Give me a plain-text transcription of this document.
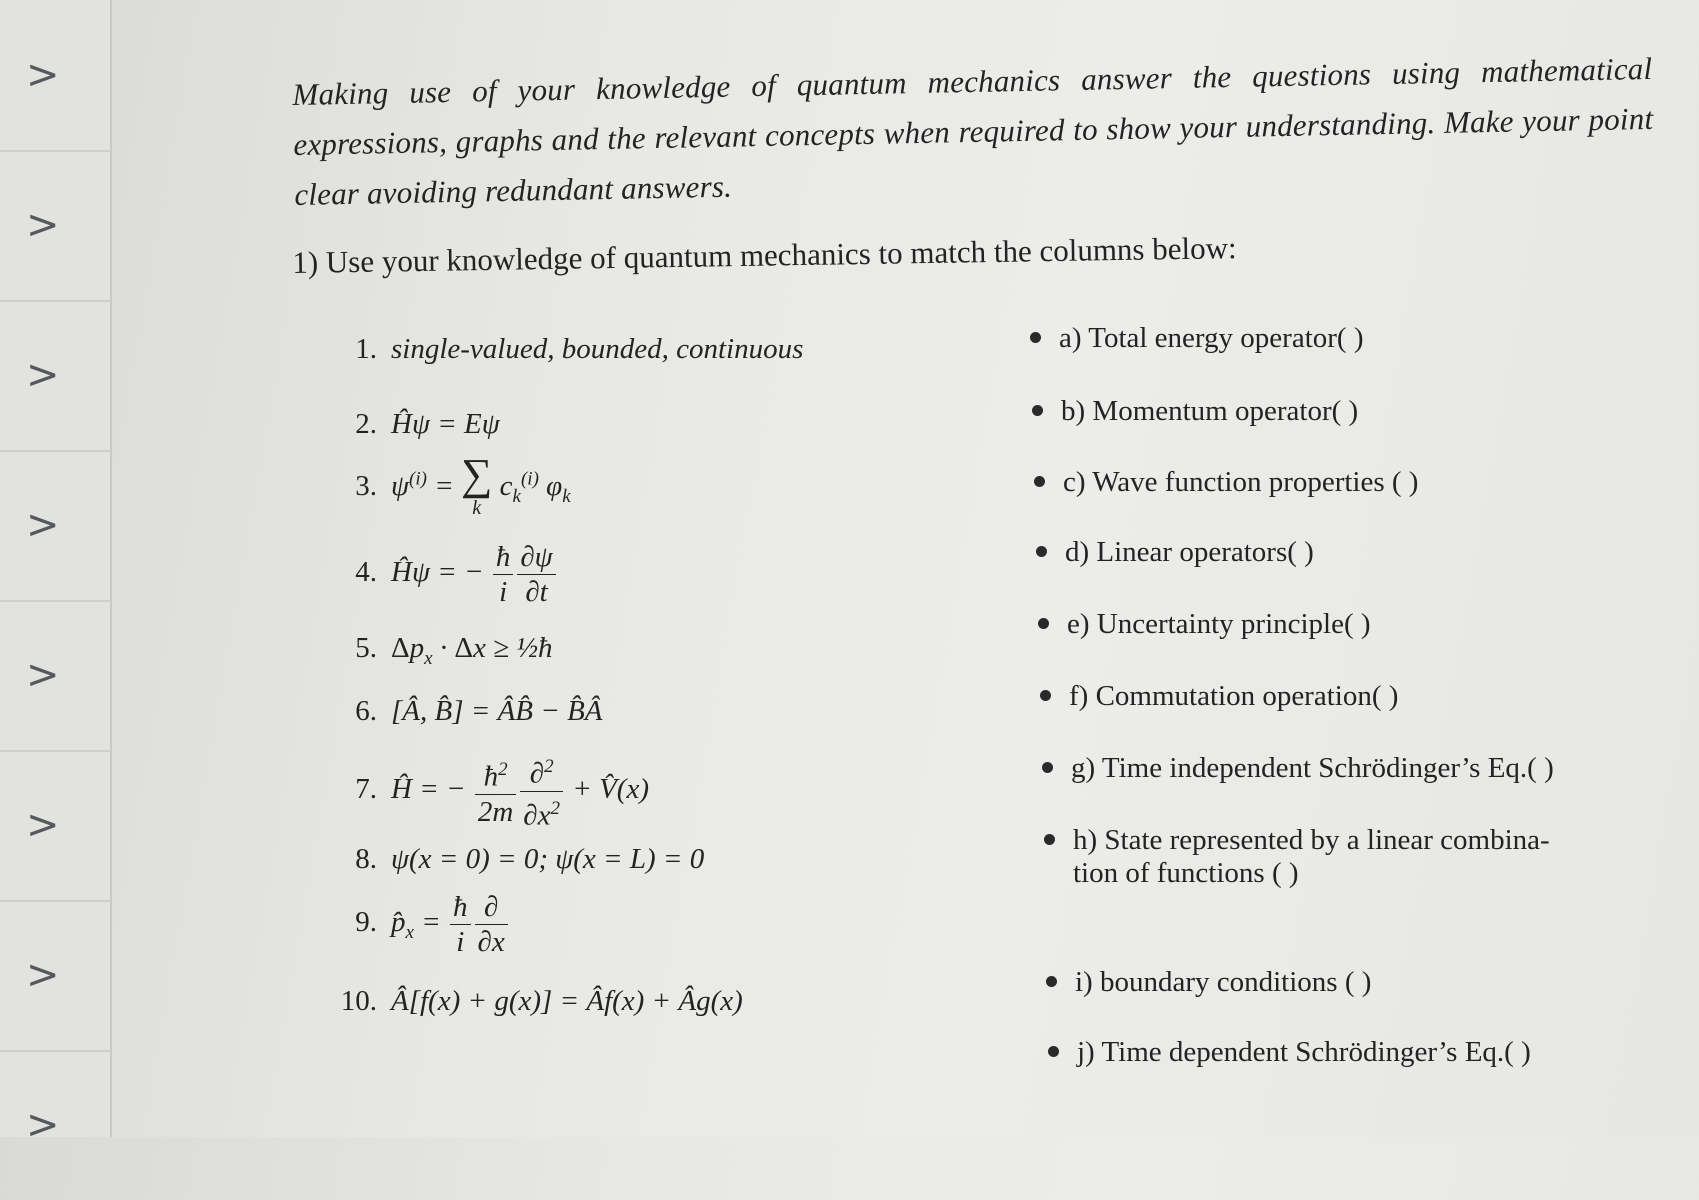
>
>
>
>
>
>
>
>
Making use of your knowledge of quantum mechanics answer the questions using mathematical expressions, graphs and the relevant concepts when required to show your understanding. Make your point clear avoiding redundant answers.
1) Use your knowledge of quantum mechanics to match the columns below:
1. single-valued, bounded, continuous
2. Ĥψ = Eψ
3. $\psi^{(i)}$ = ∑
k
$c_k^{(i)}$ $\varphi_k$
4. Ĥψ = − $\frac{ħ}{i} \frac{\partial\psi}{\partial t}$
5. $\Delta p_x \cdot \Delta x$ ≥ ½ħ
6. [Â, B̂] = ÂB̂ − B̂Â
7. Ĥ = − $\frac{ħ^2}{2m} \frac{\partial^2}{\partial x^2}$ + V̂(x)
8. ψ(x = 0) = 0; ψ(x = L) = 0
9. $p̂_x = \frac{ħ}{i} \frac{\partial}{\partial x}$
10. Â[f(x) + g(x)] = Âf(x) + Âg(x)
a) Total energy operator( )
b) Momentum operator( )
c) Wave function properties ( )
d) Linear operators( )
e) Uncertainty principle( )
f) Commutation operation( )
g) Time independent Schrödinger’s Eq.( )
h) State represented by a linear combina-
tion of functions ( )
i) boundary conditions ( )
j) Time dependent Schrödinger’s Eq.( )
